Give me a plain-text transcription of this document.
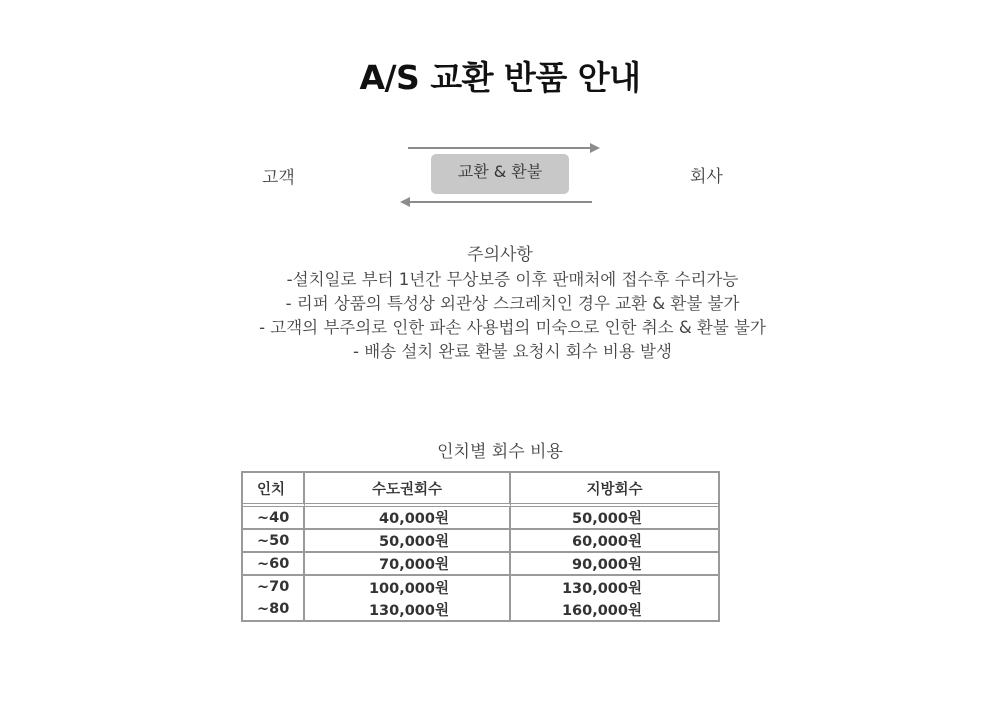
A/S 교환 반품 안내
고객	회사
교환 & 환불
주의사항
-설치일로 부터 1년간 무상보증 이후 판매처에 접수후 수리가능
- 리퍼 상품의 특성상 외관상 스크레치인 경우 교환 & 환불 불가
- 고객의 부주의로 인한 파손 사용법의 미숙으로 인한 취소 & 환불 불가
- 배송 설치 완료 환불 요청시 회수 비용 발생
인치별 회수 비용
인치	수도권회수	지방회수
~40	40,000원	50,000원
~50	50,000원	60,000원
~60	70,000원	90,000원
~70	100,000원	130,000원
~80	130,000원	160,000원
